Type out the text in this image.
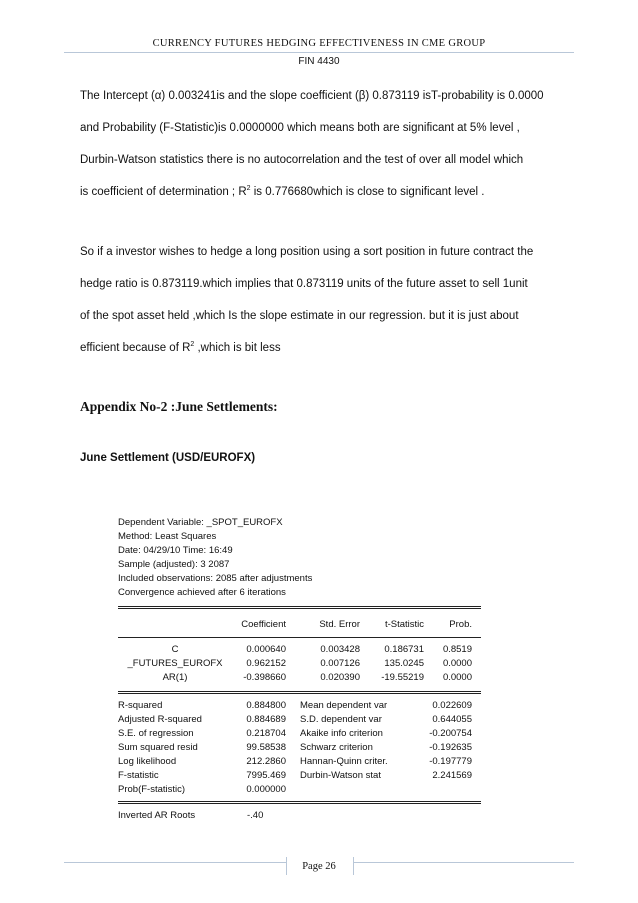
CURRENCY FUTURES HEDGING EFFECTIVENESS IN CME GROUP
FIN 4430
The Intercept (α) 0.003241is and the slope coefficient (β) 0.873119 isT-probability is 0.0000
and Probability (F-Statistic)is 0.0000000 which means both are significant at 5% level ,
Durbin-Watson statistics there is no autocorrelation and the test of over all model which
is coefficient of determination ; $R^2$ is 0.776680which is close to significant level .
So if a investor wishes to hedge a long position using a sort position in future contract the
hedge ratio is 0.873119.which implies that 0.873119 units of the future asset to sell 1unit
of the spot asset held ,which Is the slope estimate in our regression. but it is just about
efficient because of $R^2$ ,which is bit less
Appendix No-2 :June Settlements:
June Settlement (USD/EUROFX)
Dependent Variable: _SPOT_EUROFX
Method: Least Squares
Date: 04/29/10 Time: 16:49
Sample (adjusted): 3 2087
Included observations: 2085 after adjustments
Convergence achieved after 6 iterations
Coefficient	Std. Error	t-Statistic	Prob.
C	0.000640	0.003428	0.186731	0.8519
_FUTURES_EUROFX	0.962152	0.007126	135.0245	0.0000
AR(1)	-0.398660	0.020390	-19.55219	0.0000
R-squared	0.884800 Mean dependent var	0.022609
Adjusted R-squared	0.884689 S.D. dependent var	0.644055
S.E. of regression	0.218704 Akaike info criterion	-0.200754
Sum squared resid	99.58538 Schwarz criterion	-0.192635
Log likelihood	212.2860 Hannan-Quinn criter.	-0.197779
F-statistic	7995.469 Durbin-Watson stat	2.241569
Prob(F-statistic)	0.000000
Inverted AR Roots	-.40
Page 26
